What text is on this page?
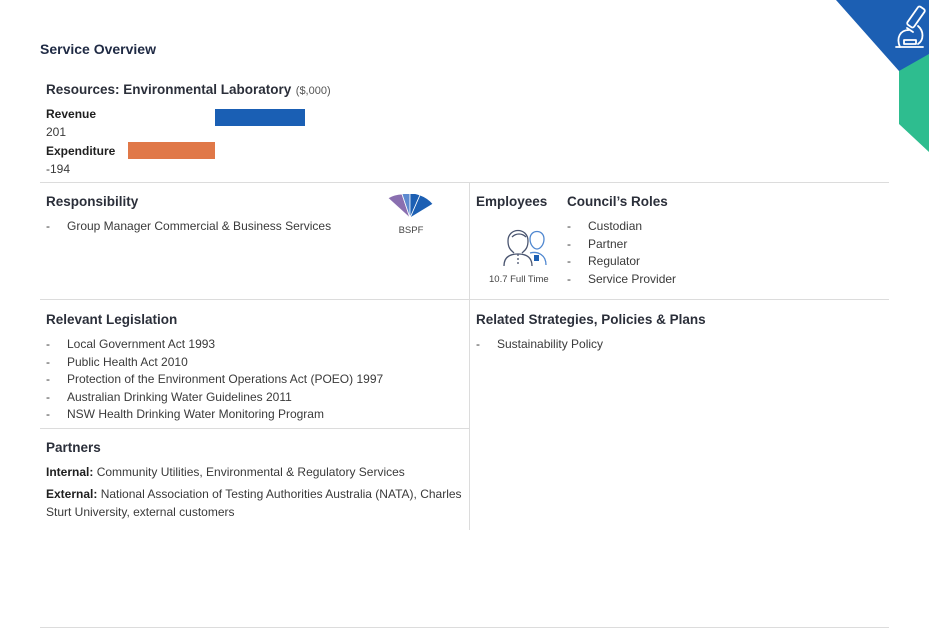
Service Overview
Resources: Environmental Laboratory ($,000)
Revenue
201
Expenditure
-194
Responsibility
- Group Manager Commercial & Business Services	BSPF
Employees
10.7 Full Time
Council’s Roles
- Custodian
- Partner
- Regulator
- Service Provider
Relevant Legislation
- Local Government Act 1993
- Public Health Act 2010
- Protection of the Environment Operations Act (POEO) 1997
- Australian Drinking Water Guidelines 2011
- NSW Health Drinking Water Monitoring Program
Related Strategies, Policies & Plans
- Sustainability Policy
Partners
Internal: Community Utilities, Environmental & Regulatory Services
External: National Association of Testing Authorities Australia (NATA), Charles Sturt University, external customers
